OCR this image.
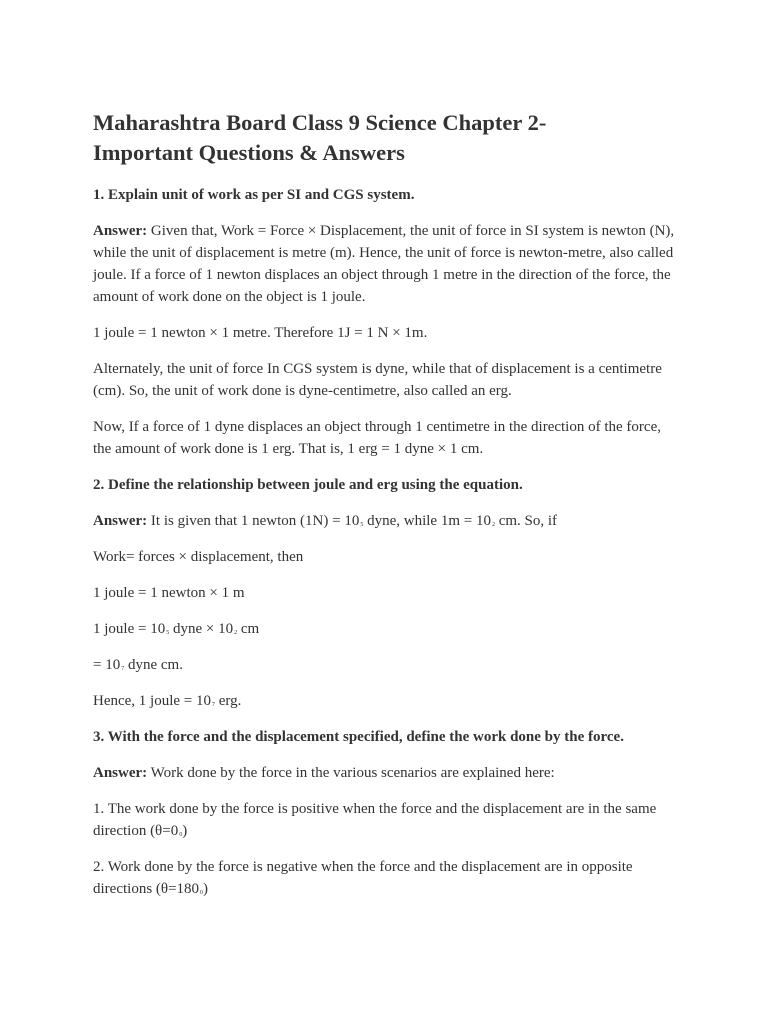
Maharashtra Board Class 9 Science Chapter 2-
Important Questions & Answers

1. Explain unit of work as per SI and CGS system.

Answer: Given that, Work = Force × Displacement, the unit of force in SI system is newton (N), while the unit of displacement is metre (m). Hence, the unit of force is newton-metre, also called joule. If a force of 1 newton displaces an object through 1 metre in the direction of the force, the amount of work done on the object is 1 joule.

1 joule = 1 newton × 1 metre. Therefore 1J = 1 N × 1m.

Alternately, the unit of force In CGS system is dyne, while that of displacement is a centimetre (cm). So, the unit of work done is dyne-centimetre, also called an erg.

Now, If a force of 1 dyne displaces an object through 1 centimetre in the direction of the force, the amount of work done is 1 erg. That is, 1 erg = 1 dyne × 1 cm.

2. Define the relationship between joule and erg using the equation.

Answer: It is given that 1 newton $(1N) = 10^5$ dyne, while $1m = 10^2$ cm. So, if

Work= forces × displacement, then

1 joule = 1 newton × 1 m

1 joule = $10^5$ dyne × $10^2$ cm

= $10^7$ dyne cm.

Hence, 1 joule = $10^7$ erg.

3. With the force and the displacement specified, define the work done by the force.

Answer: Work done by the force in the various scenarios are explained here:

1. The work done by the force is positive when the force and the displacement are in the same direction $(\theta=0^0)$

2. Work done by the force is negative when the force and the displacement are in opposite directions $(\theta=180^0)$
